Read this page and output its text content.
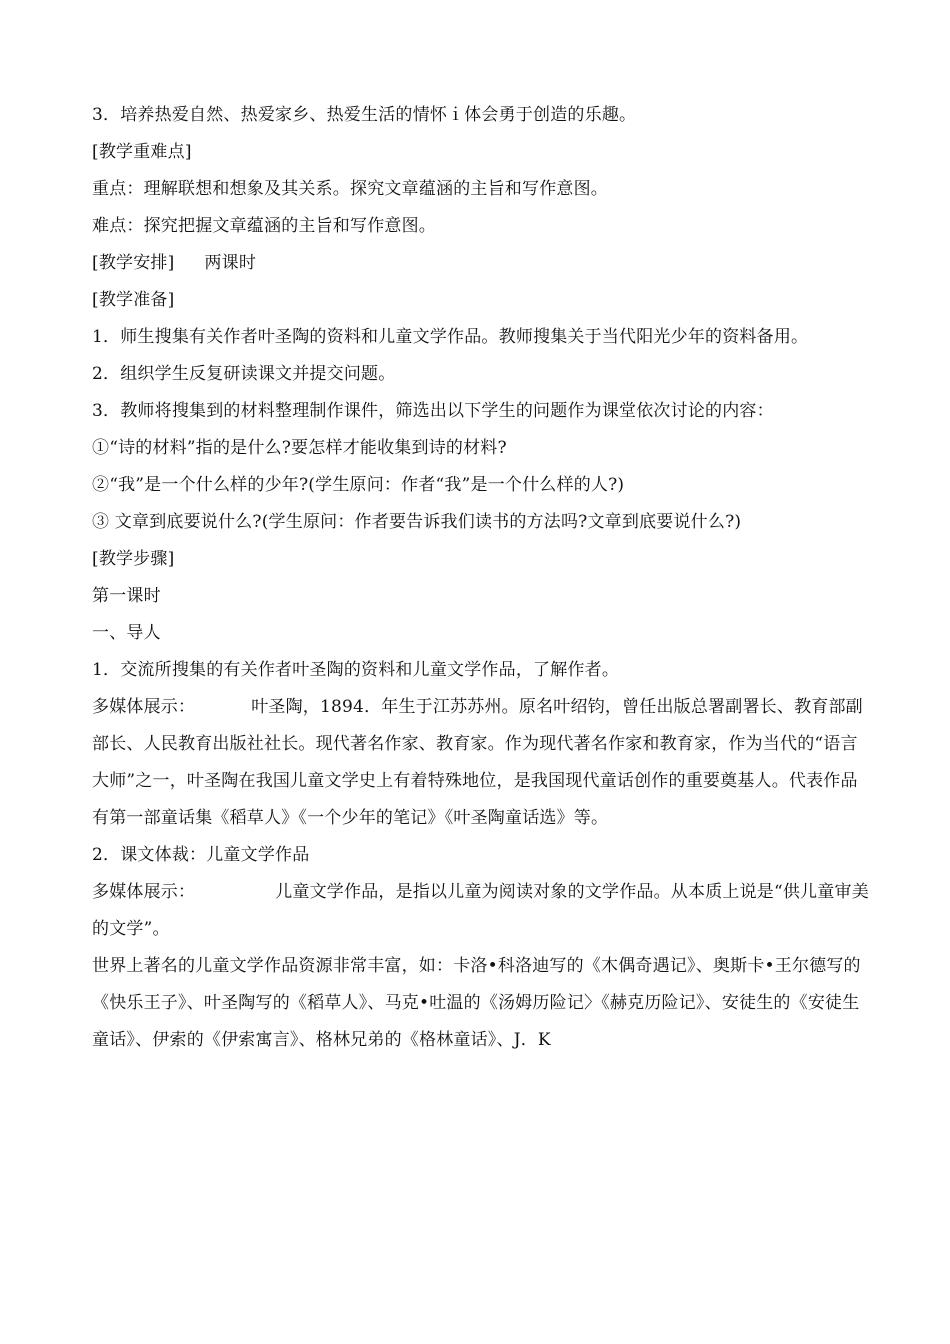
3．培养热爱自然、热爱家乡、热爱生活的情怀ｉ体会勇于创造的乐趣。

[教学重难点]

重点：理解联想和想象及其关系。探究文章蕴涵的主旨和写作意图。

难点：探究把握文章蕴涵的主旨和写作意图。

[教学安排] 两课时

[教学准备]

1．师生搜集有关作者叶圣陶的资料和儿童文学作品。教师搜集关于当代阳光少年的资料备用。

2．组织学生反复研读课文并提交问题。

3．教师将搜集到的材料整理制作课件，筛选出以下学生的问题作为课堂依次讨论的内容：

①“诗的材料”指的是什么?要怎样才能收集到诗的材料?

②“我”是一个什么样的少年?(学生原问：作者“我”是一个什么样的人?)

③ 文章到底要说什么?(学生原问：作者要告诉我们读书的方法吗?文章到底要说什么?)

[教学步骤]

第一课时

一、导人

1．交流所搜集的有关作者叶圣陶的资料和儿童文学作品，了解作者。

多媒体展示：	叶圣陶，1894．年生于江苏苏州。原名叶绍钧，曾任出版总署副署长、教育部副部长、人民教育出版社社长。现代著名作家、教育家。作为现代著名作家和教育家，作为当代的“语言大师”之一，叶圣陶在我国儿童文学史上有着特殊地位，是我国现代童话创作的重要奠基人。代表作品有第一部童话集《稻草人》《一个少年的笔记》《叶圣陶童话选》等。

2．课文体裁：儿童文学作品

多媒体展示：	儿童文学作品，是指以儿童为阅读对象的文学作品。从本质上说是“供儿童审美的文学”。

世界上著名的儿童文学作品资源非常丰富，如：卡洛•科洛迪写的《木偶奇遇记》、奥斯卡•王尔德写的《快乐王子》、叶圣陶写的《稻草人》、马克•吐温的《汤姆历险记〉《赫克历险记》、安徒生的《安徒生童话》、伊索的《伊索寓言》、格林兄弟的《格林童话》、J．K
